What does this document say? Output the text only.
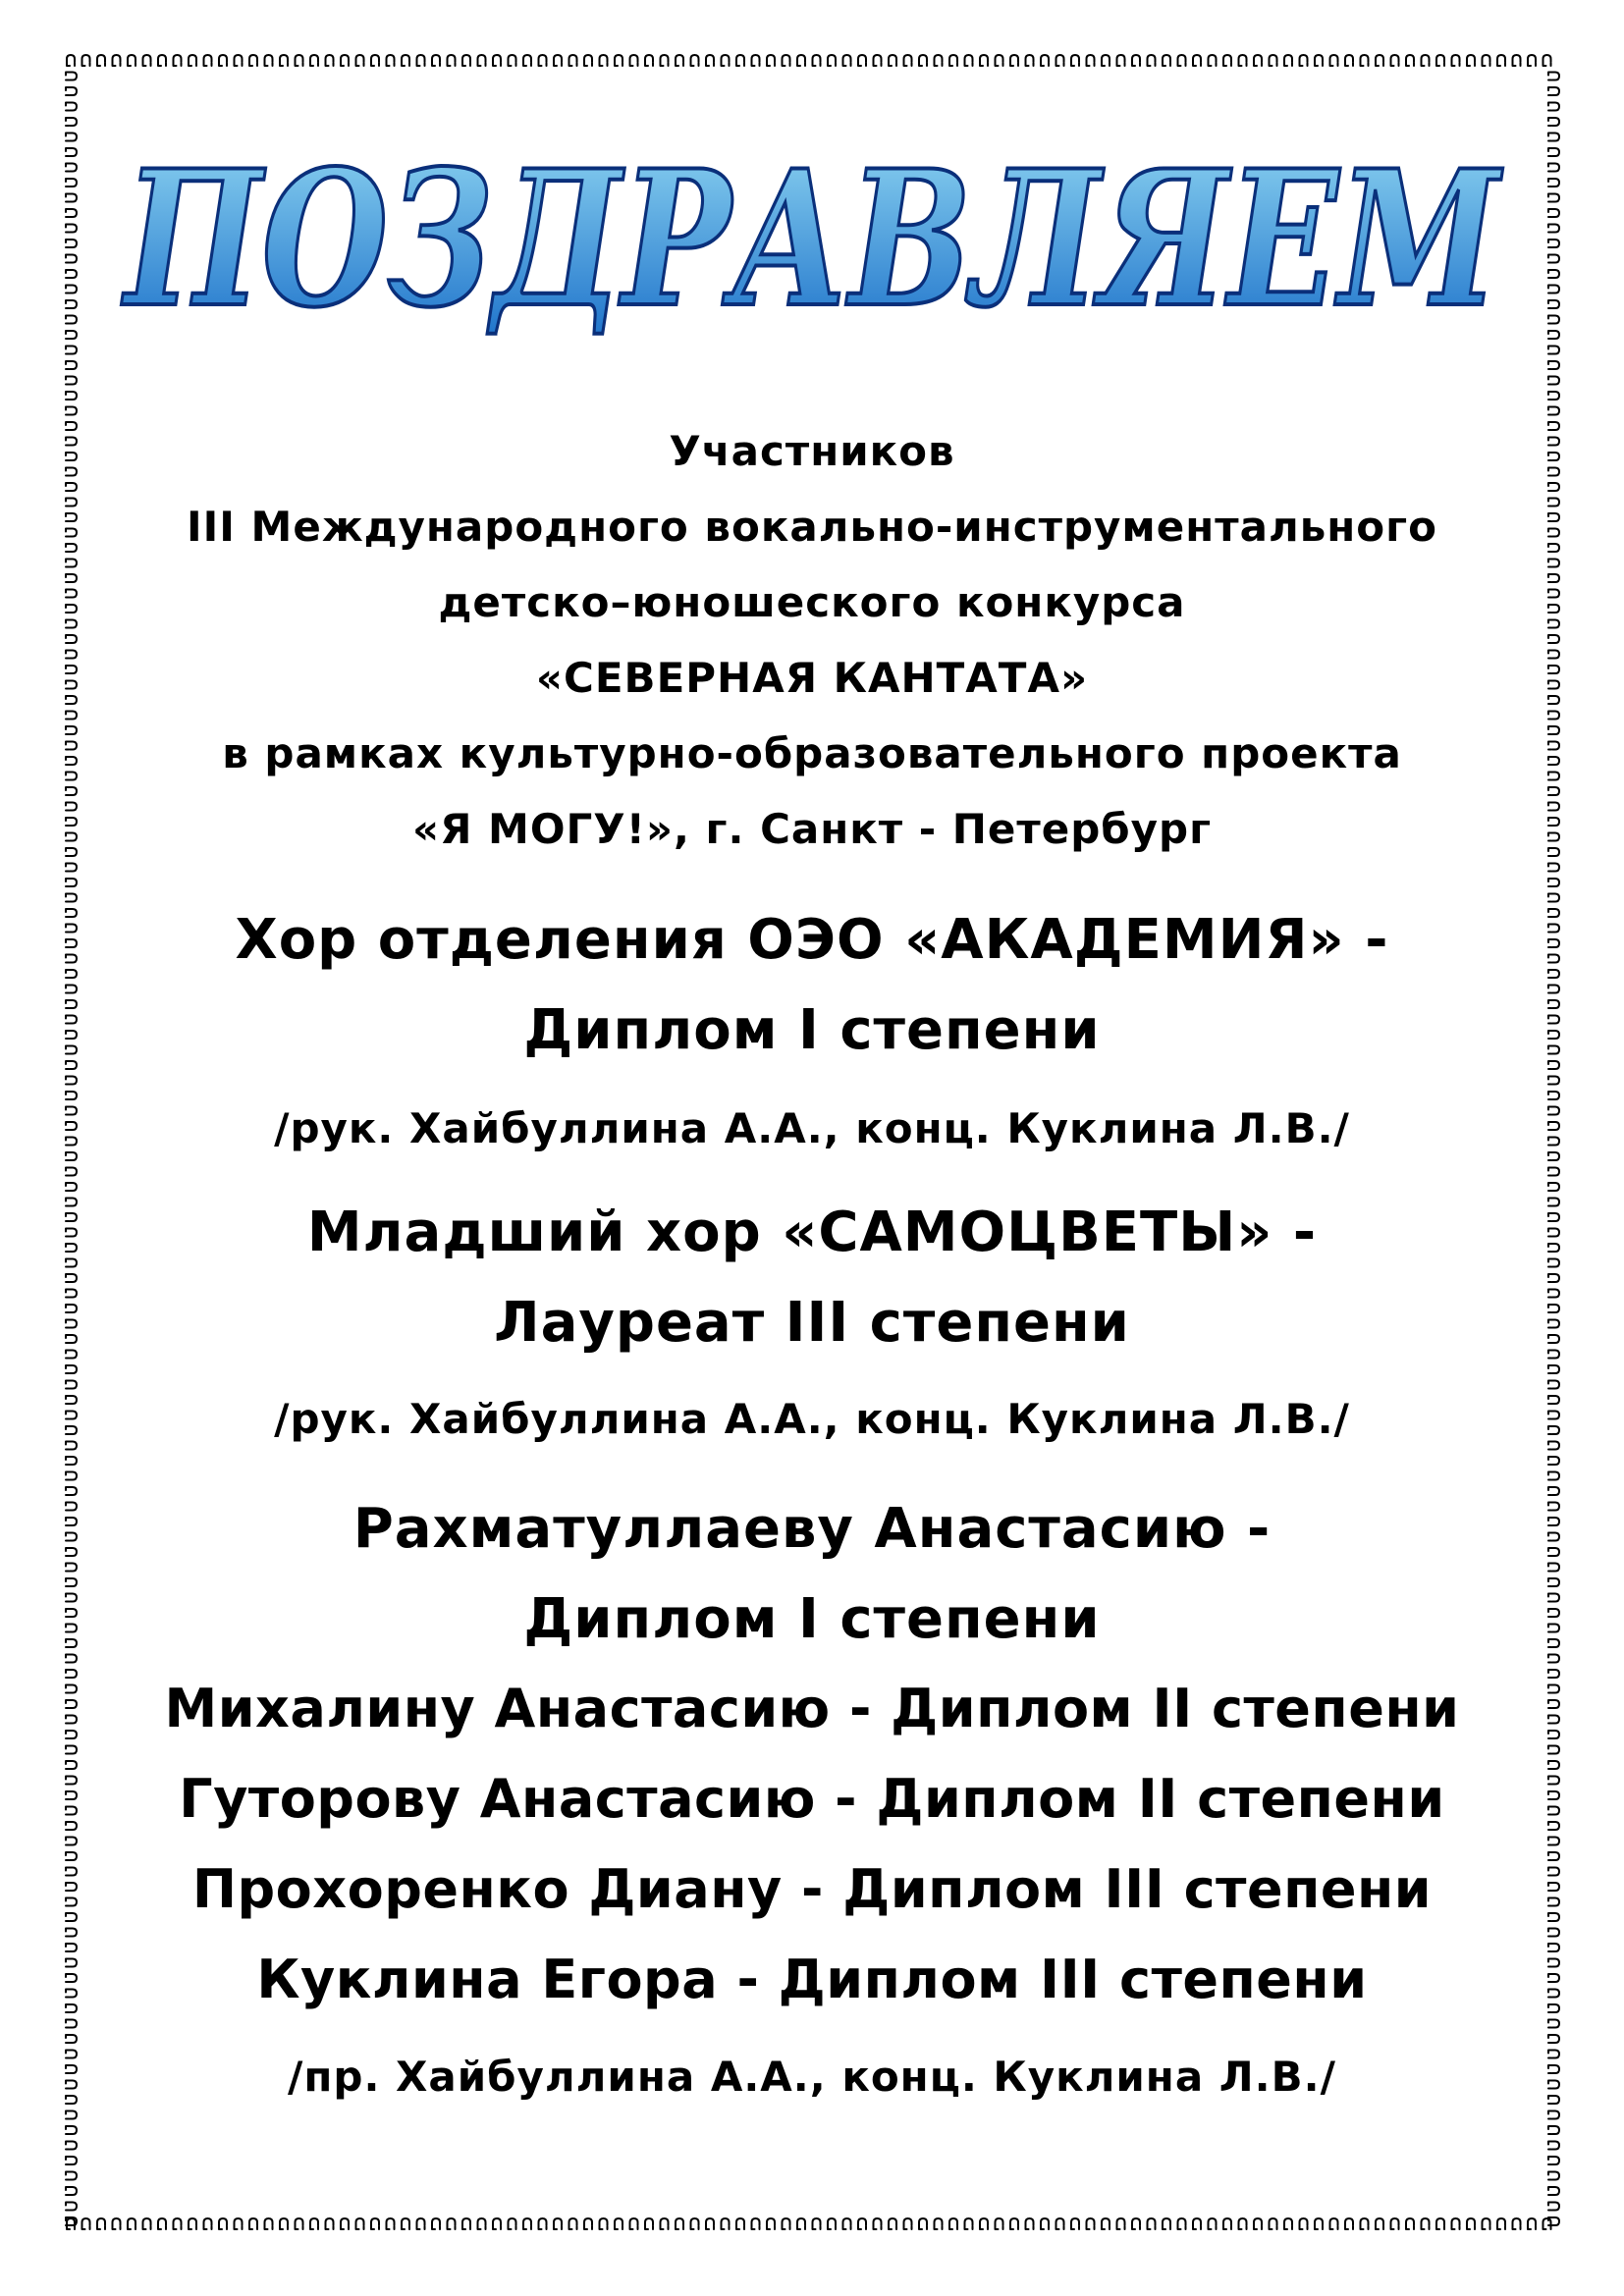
ПОЗДРАВЛЯЕМ
Участников
III Международного вокально-инструментального
детско–юношеского конкурса
«СЕВЕРНАЯ КАНТАТА»
в рамках культурно-образовательного проекта
«Я МОГУ!», г. Санкт - Петербург
Хор отделения ОЭО «АКАДЕМИЯ» -
Диплом I степени
/рук. Хайбуллина А.А., конц. Куклина Л.В./
Младший хор «САМОЦВЕТЫ» -
Лауреат III степени
/рук. Хайбуллина А.А., конц. Куклина Л.В./
Рахматуллаеву Анастасию -
Диплом I степени
Михалину Анастасию - Диплом II степени
Гуторову Анастасию - Диплом II степени
Прохоренко Диану - Диплом III степени
Куклина Егора - Диплом III степени
/пр. Хайбуллина А.А., конц. Куклина Л.В./
